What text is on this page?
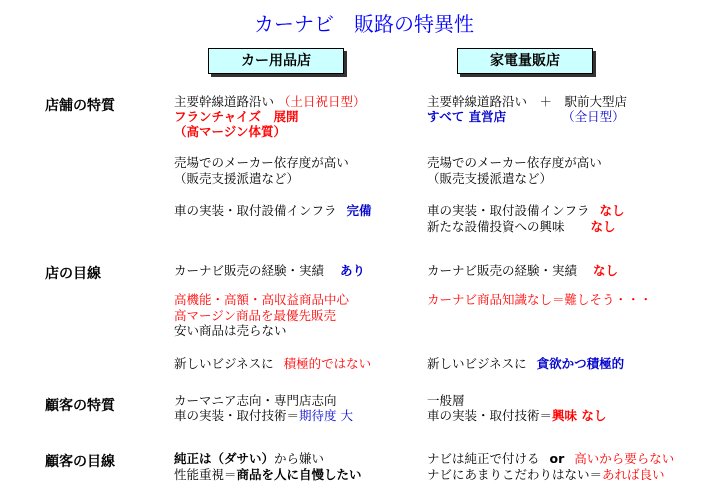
カーナビ　販路の特異性
カー用品店	家電量販店
店舗の特質
店の目線
顧客の特質
顧客の目線
主要幹線道路沿い （土日祝日型）
フランチャイズ　展開
（高マージン体質）
売場でのメーカー依存度が高い
（販売支援派遣など）
車の実装・取付設備インフラ 完備
カーナビ販売の経験・実績 あり
高機能・高額・高収益商品中心
高マージン商品を最優先販売
安い商品は売らない
新しいビジネスに 積極的ではない
カーマニア志向・専門店志向
車の実装・取付技術＝期待度 大
純正は（ダサい）から嫌い
性能重視＝商品を人に自慢したい
主要幹線道路沿い　＋　駅前大型店
すべて 直営店	（全日型）
売場でのメーカー依存度が高い
（販売支援派遣など）
車の実装・取付設備インフラ なし
新たな設備投資への興味 なし
カーナビ販売の経験・実績 なし
カーナビ商品知識なし＝難しそう・・・
新しいビジネスに 貪欲かつ積極的
一般層
車の実装・取付技術＝興味 なし
ナビは純正で付ける or 高いから要らない
ナビにあまりこだわりはない＝あれば良い
